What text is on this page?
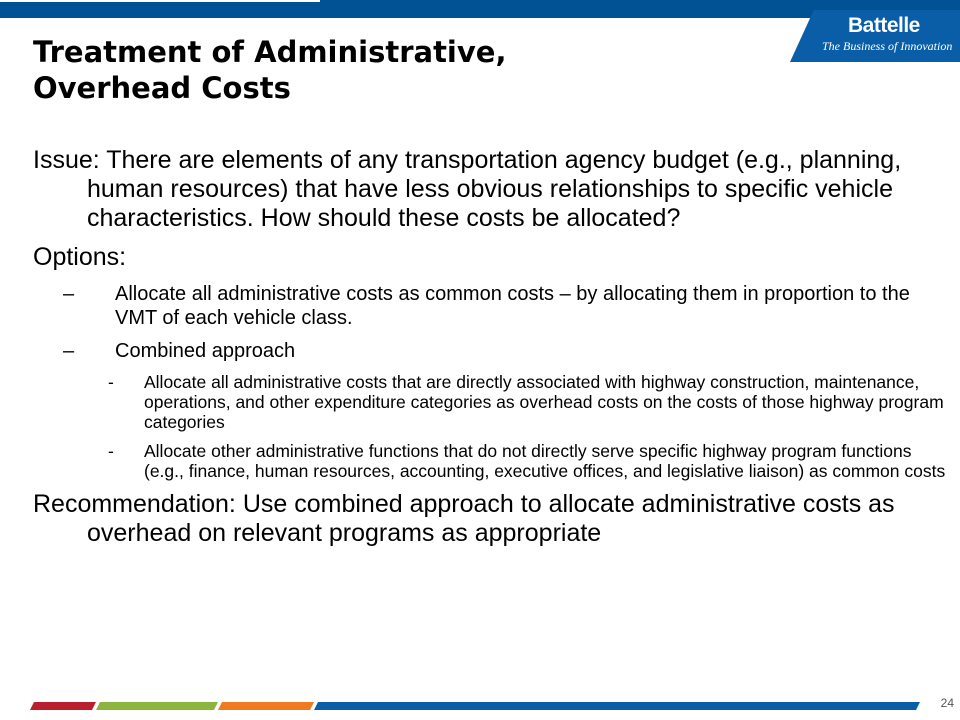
Battelle
The Business of Innovation
Treatment of Administrative,
Overhead Costs

Issue: There are elements of any transportation agency budget (e.g., planning, human resources) that have less obvious relationships to specific vehicle characteristics. How should these costs be allocated?

Options:

– Allocate all administrative costs as common costs – by allocating them in proportion to the VMT of each vehicle class.
– Combined approach
- Allocate all administrative costs that are directly associated with highway construction, maintenance, operations, and other expenditure categories as overhead costs on the costs of those highway program categories
- Allocate other administrative functions that do not directly serve specific highway program functions (e.g., finance, human resources, accounting, executive offices, and legislative liaison) as common costs

Recommendation: Use combined approach to allocate administrative costs as overhead on relevant programs as appropriate

24
